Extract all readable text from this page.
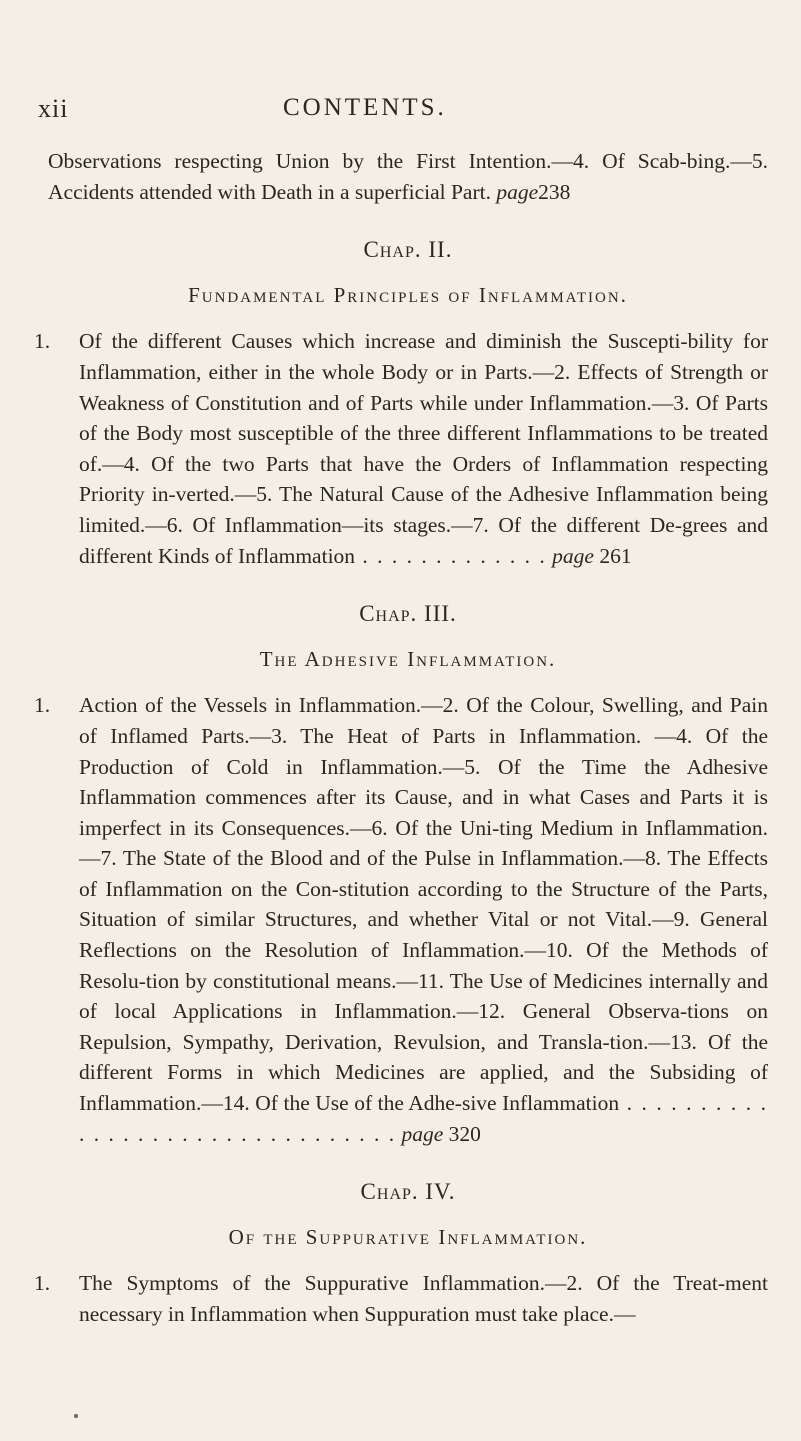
xii	CONTENTS.

Observations respecting Union by the First Intention.—4. Of Scab-bing.—5. Accidents attended with Death in a superficial Part. page238

Chap. II.
Fundamental Principles of Inflammation.

1. Of the different Causes which increase and diminish the Suscepti-bility for Inflammation, either in the whole Body or in Parts.—2. Effects of Strength or Weakness of Constitution and of Parts while under Inflammation.—3. Of Parts of the Body most susceptible of the three different Inflammations to be treated of.—4. Of the two Parts that have the Orders of Inflammation respecting Priority in-verted.—5. The Natural Cause of the Adhesive Inflammation being limited.—6. Of Inflammation—its stages.—7. Of the different De-grees and different Kinds of Inflammation . . . . . . . . . . . . . page 261

Chap. III.
The Adhesive Inflammation.

1. Action of the Vessels in Inflammation.—2. Of the Colour, Swelling, and Pain of Inflamed Parts.—3. The Heat of Parts in Inflammation. —4. Of the Production of Cold in Inflammation.—5. Of the Time the Adhesive Inflammation commences after its Cause, and in what Cases and Parts it is imperfect in its Consequences.—6. Of the Uni-ting Medium in Inflammation.—7. The State of the Blood and of the Pulse in Inflammation.—8. The Effects of Inflammation on the Con-stitution according to the Structure of the Parts, Situation of similar Structures, and whether Vital or not Vital.—9. General Reflections on the Resolution of Inflammation.—10. Of the Methods of Resolu-tion by constitutional means.—11. The Use of Medicines internally and of local Applications in Inflammation.—12. General Observa-tions on Repulsion, Sympathy, Derivation, Revulsion, and Transla-tion.—13. Of the different Forms in which Medicines are applied, and the Subsiding of Inflammation.—14. Of the Use of the Adhe-sive Inflammation . . . . . . . . . . . . . . . . . . . . . . . . . . . . . . . . page 320

Chap. IV.
Of the Suppurative Inflammation.

1. The Symptoms of the Suppurative Inflammation.—2. Of the Treat-ment necessary in Inflammation when Suppuration must take place.—
